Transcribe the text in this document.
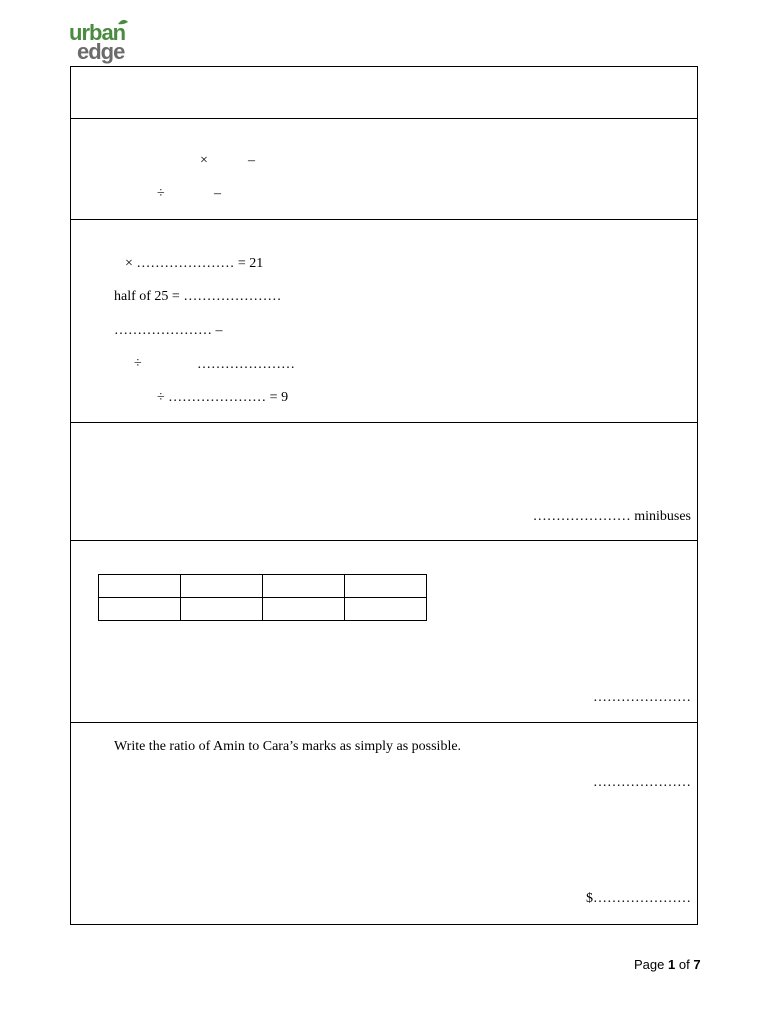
urban
edge
×	–
÷	–
× ………………… = 21
half of 25 = …………………
………………… –
÷	…………………
÷ ………………… = 9
………………… minibuses

…………………
Write the ratio of Amin to Cara’s marks as simply as possible.
…………………
$…………………
Page 1 of 7
